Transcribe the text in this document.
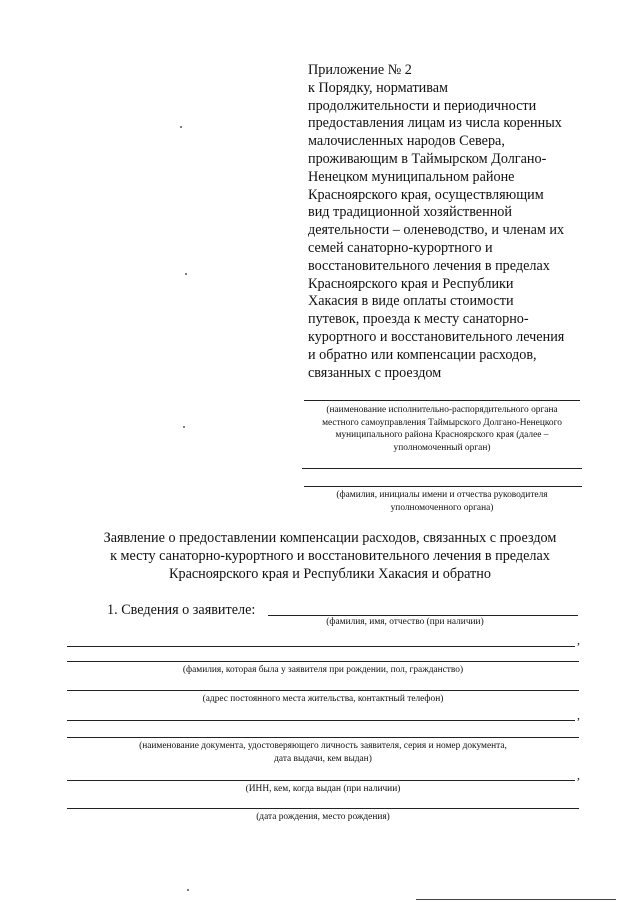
Приложение № 2
к Порядку, нормативам
продолжительности и периодичности
предоставления лицам из числа коренных
малочисленных народов Севера,
проживающим в Таймырском Долгано-
Ненецком муниципальном районе
Красноярского края, осуществляющим
вид традиционной хозяйственной
деятельности – оленеводство, и членам их
семей санаторно-курортного и
восстановительного лечения в пределах
Красноярского края и Республики
Хакасия в виде оплаты стоимости
путевок, проезда к месту санаторно-
курортного и восстановительного лечения
и обратно или компенсации расходов,
связанных с проездом
(наименование исполнительно-распорядительного органа
местного самоуправления Таймырского Долгано-Ненецкого
муниципального района Красноярского края (далее –
уполномоченный орган)
(фамилия, инициалы имени и отчества руководителя
уполномоченного органа)
Заявление о предоставлении компенсации расходов, связанных с проездом
к месту санаторно-курортного и восстановительного лечения в пределах
Красноярского края и Республики Хакасия и обратно
1. Сведения о заявителе:
(фамилия, имя, отчество (при наличии)
,
(фамилия, которая была у заявителя при рождении, пол, гражданство)
(адрес постоянного места жительства, контактный телефон)
,
(наименование документа, удостоверяющего личность заявителя, серия и номер документа,
дата выдачи, кем выдан)
,
(ИНН, кем, когда выдан (при наличии)
(дата рождения, место рождения)
